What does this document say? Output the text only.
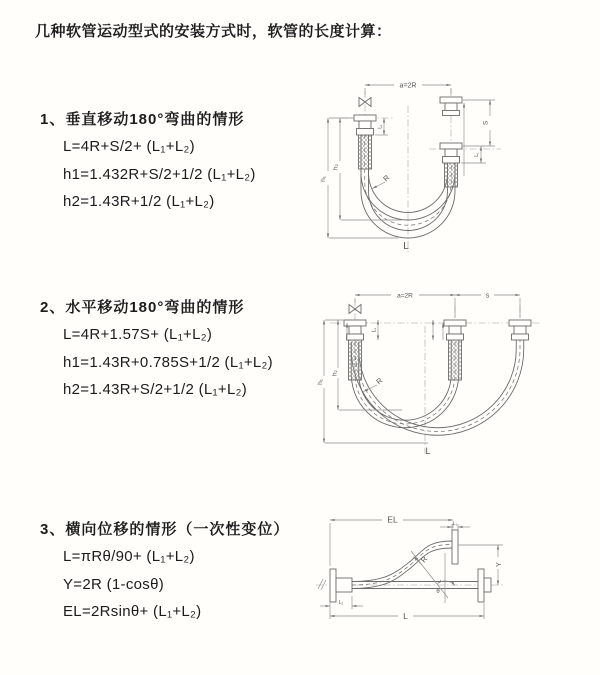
几种软管运动型式的安装方式时，软管的长度计算：
1、垂直移动180°弯曲的情形
L=4R+S/2+ (L₁+L₂)
h1=1.432R+S/2+1/2 (L₁+L₂)
h2=1.43R+1/2 (L₁+L₂)
2、水平移动180°弯曲的情形
L=4R+1.57S+ (L₁+L₂)
h1=1.43R+0.785S+1/2 (L₁+L₂)
h2=1.43R+S/2+1/2 (L₁+L₂)
3、横向位移的情形（一次性变位）
L=πRθ/90+ (L₁+L₂)
Y=2R (1-cosθ)
EL=2Rsinθ+ (L₁+L₂)
a=2R
h₁
h₂
L₁
S
L₁
R
L
a=2R	s
h₁
h₂
L₁
R
L
EL	L₁
Y
R
θ
L
L₂
